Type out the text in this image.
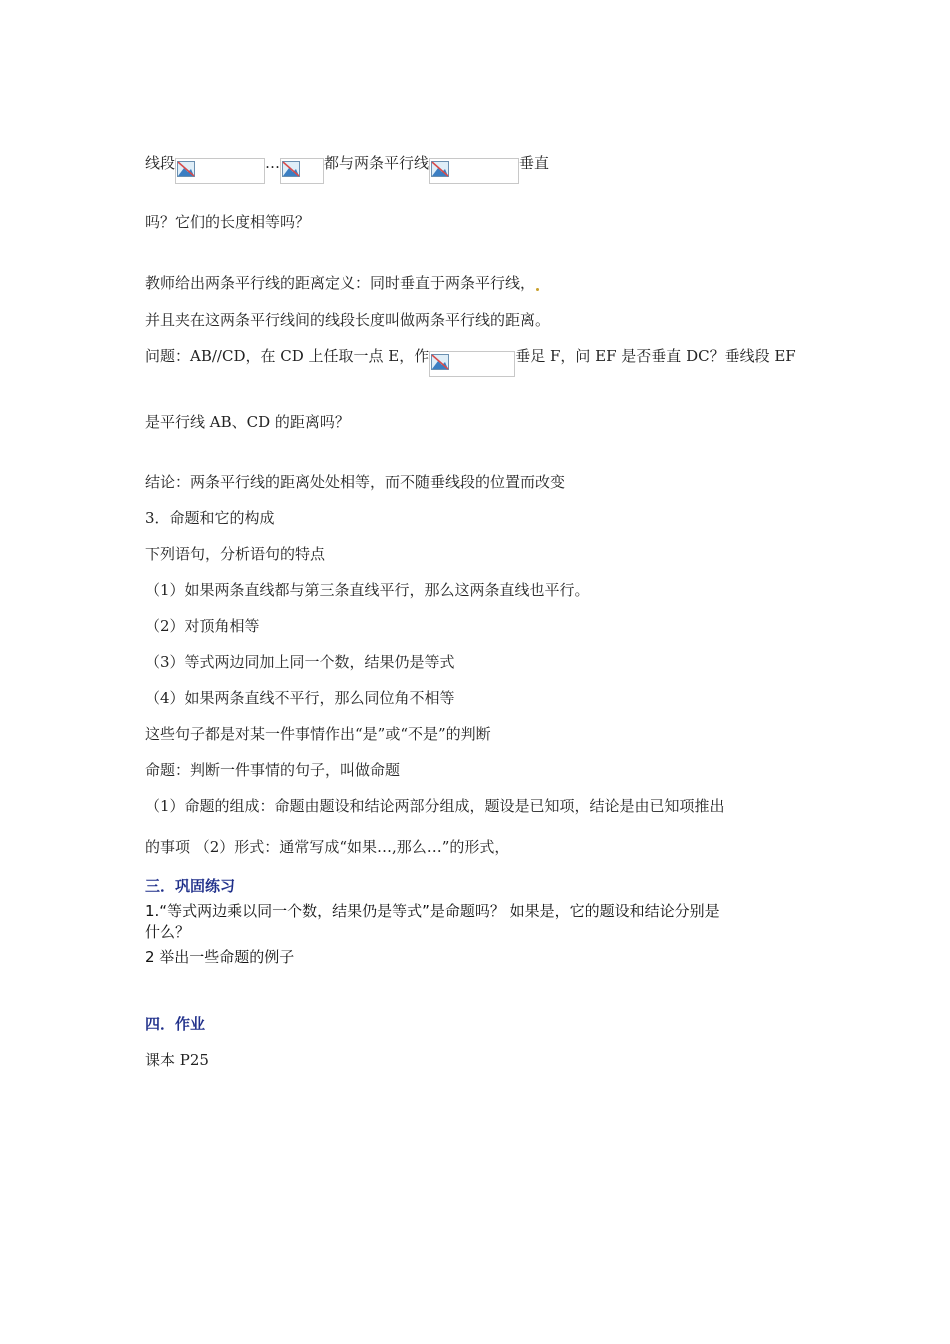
线段	…	都与两条平行线	垂直
吗？它们的长度相等吗？
教师给出两条平行线的距离定义：同时垂直于两条平行线，
并且夹在这两条平行线间的线段长度叫做两条平行线的距离。
问题：AB//CD，在 CD 上任取一点 E，作	垂足 F，问 EF 是否垂直 DC？垂线段 EF
是平行线 AB、CD 的距离吗？
结论：两条平行线的距离处处相等，而不随垂线段的位置而改变
3．命题和它的构成
下列语句，分析语句的特点
（1）如果两条直线都与第三条直线平行，那么这两条直线也平行。
（2）对顶角相等
（3）等式两边同加上同一个数，结果仍是等式
（4）如果两条直线不平行，那么同位角不相等
这些句子都是对某一件事情作出“是”或“不是”的判断
命题：判断一件事情的句子，叫做命题
（1）命题的组成：命题由题设和结论两部分组成，题设是已知项，结论是由已知项推出
的事项 （2）形式：通常写成“如果…,那么…”的形式，
三．巩固练习
1.“等式两边乘以同一个数，结果仍是等式”是命题吗？ 如果是，它的题设和结论分别是
什么？
2 举出一些命题的例子
四．作业
课本 P25
